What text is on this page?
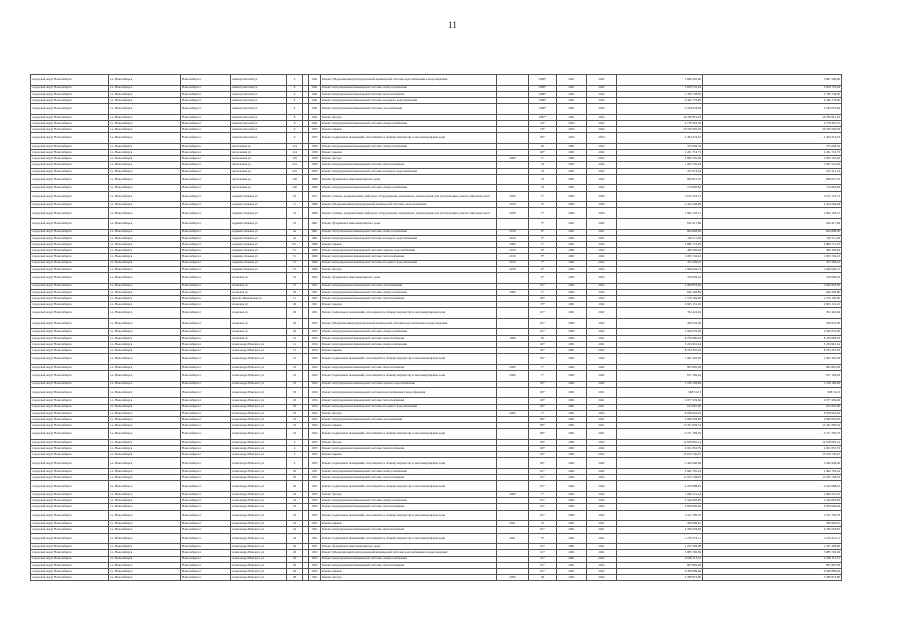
11
городской округ Новосибирск	г.о. Новосибирск	Новосибирск г	Авиастроителей ул	5		1941	Ремонт (Модернизация) внутридомовой инженерной системы водоснабжения и водоотведения		1986*	2001	2022	5 860 295,00	5 891 586,00
городской округ Новосибирск	г.о. Новосибирск	Новосибирск г	Авиастроителей ул	6		1941	Ремонт внутридомовой инженерной системы электроснабжения		1986*	2001	2022	5 659 752,64	5 659 752,64
городской округ Новосибирск	г.о. Новосибирск	Новосибирск г	Авиастроителей ул	6		1941	Ремонт внутридомовой инженерной системы теплоснабжения		1986*	2001	2022	2 760 738,00	2 760 738,00
городской округ Новосибирск	г.о. Новосибирск	Новосибирск г	Авиастроителей ул	6		1941	Ремонт внутридомовой инженерной системы холодного водоснабжения		1986*	2001	2022	6 440 776,00	6 440 776,00
городской округ Новосибирск	г.о. Новосибирск	Новосибирск г	Авиастроителей ул	6		1941	Ремонт внутридомовой инженерной системы газоснабжения		1986*	2001	2022	5 184 678,94	5 184 678,94
городской округ Новосибирск	г.о. Новосибирск	Новосибирск г	Авиастроителей ул	8		1941	Ремонт фасада		1987*	2001	2022	16 700 812,63	16 700 812,63
городской округ Новосибирск	г.о. Новосибирск	Новосибирск г	Авиастроителей ул	8		1941	Ремонт внутридомовой инженерной системы электроснабжения		18*	2022	2022	4 778 363,35	4 778 363,35
городской округ Новосибирск	г.о. Новосибирск	Новосибирск г	Авиастроителей ул	9		1957	Ремонт крыши		18*	2022	2022	10 559 583,50	10 559 583,50
городской округ Новосибирск	г.о. Новосибирск	Новосибирск г	Авиастроителей ул	9		1957	Ремонт подвальных помещений, относящихся к общему имуществу в многоквартирном доме		69*	2022	2023	2 464 474,23	2 464 474,23
городской округ Новосибирск	г.о. Новосибирск	Новосибирск г	Автогенная ул	114		1959	Ремонт внутридомовой инженерной системы электроснабжения		62	2001	2022	375 006,34	375 006,34
городской округ Новосибирск	г.о. Новосибирск	Новосибирск г	Автогенная ул	114		1959	Ремонт крыши		60*	2002	2022	2 261 716,75	2 261 716,75
городской округ Новосибирск	г.о. Новосибирск	Новосибирск г	Автогенная ул	118		1959	Ремонт фасада	2009	1*	2002	2022	2 000 105,00	2 000 105,00
городской округ Новосибирск	г.о. Новосибирск	Новосибирск г	Автогенная ул	143		1959	Ремонт внутридомовой инженерной системы теплоснабжения		76	2003	2022	1 067 235,94	1 067 235,94
городской округ Новосибирск	г.о. Новосибирск	Новосибирск г	Автогенная ул	145		1959	Ремонт внутридомовой инженерной системы холодного водоснабжения		70	2001	2022	472 213,24	472 213,24
городской округ Новосибирск	г.о. Новосибирск	Новосибирск г	Автогенная ул	148		1958	Ремонт фундамента многоквартирного дома		70	2001	2022	699 815,70	699 815,70
городской округ Новосибирск	г.о. Новосибирск	Новосибирск г	Автогенная ул	148		1958	Ремонт внутридомовой инженерной системы электроснабжения		70	2001	2022	714 685,84	714 685,84
городской округ Новосибирск	г.о. Новосибирск	Новосибирск г	Адриена Лежена ул	10		1971	Ремонт (замена, модернизация) лифтового оборудования, признанного непригодным для эксплуатации, ремонт лифтовых шахт	2020	1*	2003	2020	3 012 153,13	3 012 153,13
городской округ Новосибирск	г.о. Новосибирск	Новосибирск г	Адриена Лежена ул	11		1960	Ремонт (Модернизация) внутридомовой инженерной системы теплоснабжения	2018	4*	2003	2020	2 424 566,98	2 424 566,98
городской округ Новосибирск	г.о. Новосибирск	Новосибирск г	Адриена Лежена ул	12		1969	Ремонт (замена, модернизация) лифтового оборудования, признанного непригодным для эксплуатации, ремонт лифтовых шахт	2020	1*	2003	2020	1 992 193,12	1 992 193,12
городской округ Новосибирск	г.о. Новосибирск	Новосибирск г	Адриена Лежена ул	23		1961	Ремонт фундамента многоквартирного дома		5*	2001	2022	816 417,86	816 417,86
городской округ Новосибирск	г.о. Новосибирск	Новосибирск г	Адриена Лежена ул	4а		1961	Ремонт внутридомовой инженерной системы электроснабжения	2018	6*	2001	2021	664 898,00	664 898,00
городской округ Новосибирск	г.о. Новосибирск	Новосибирск г	Адриена Лежена ул	4а		1961	Ремонт внутридомовой инженерной системы холодного водоснабжения	2019	2*	2001	2021	193 511,00	193 511,00
городской округ Новосибирск	г.о. Новосибирск	Новосибирск г	Адриена Лежена ул	6/1		1960	Ремонт крыши	2009	1*	2001	2022	2 880 772,03	2 880 772,03
городской округ Новосибирск	г.о. Новосибирск	Новосибирск г	Адриена Лежена ул	7/1		1960	Ремонт внутридомовой инженерной системы горячего водоснабжения	2019	8*	2002	2022	496 366,94	496 366,94
городской округ Новосибирск	г.о. Новосибирск	Новосибирск г	Адриена Лежена ул	7/1		1960	Ремонт внутридомовой инженерной системы теплоснабжения	2019	8*	2002	2022	1 005 740,43	1 005 740,43
городской округ Новосибирск	г.о. Новосибирск	Новосибирск г	Адриена Лежена ул	7/1		1960	Ремонт внутридомовой инженерной системы холодного водоснабжения	2019	7*	2002	2022	475 296,42	475 296,42
городской округ Новосибирск	г.о. Новосибирск	Новосибирск г	Адриена Лежена ул	7/1		1960	Ремонт фасада	2018	6*	2002	2022	1 069 626,72	1 069 626,72
городской округ Новосибирск	г.о. Новосибирск	Новосибирск г	Азовская ул	21		1952	Ремонт фундамента многоквартирного дома		6*	2002	2022	319 006,24	319 006,24
городской округ Новосибирск	г.о. Новосибирск	Новосибирск г	Азовская ул	27		1951	Ремонт внутридомовой инженерной системы газоснабжения		91*	2002	2022	2 006 853,60	2 006 853,60
городской округ Новосибирск	г.о. Новосибирск	Новосибирск г	Азовская ул	29		1951	Ремонт внутридомовой инженерной системы электроснабжения	2009	1*	2002	2022	646 206,80	646 206,80
городской округ Новосибирск	г.о. Новосибирск	Новосибирск г	Дурова-Ивановская ул	11		1947	Ремонт внутридомовой инженерной системы теплоснабжения		90*	2002	2022	1 570 160,00	1 570 160,00
городской округ Новосибирск	г.о. Новосибирск	Новосибирск г	Азовская ул	29		1951	Ремонт крыши		70*	2001	2022	2 825 151,25	2 825 151,25
городской округ Новосибирск	г.о. Новосибирск	Новосибирск г	Азовская ул	29		1951	Ремонт подвальных помещений, относящихся к общему имуществу в многоквартирном доме		91*	2001	2022	352 416,94	352 416,94
городской округ Новосибирск	г.о. Новосибирск	Новосибирск г	Азовская ул	29		1952	Ремонт (Модернизация) внутридомовой инженерной системы водоснабжения и водоотведения		91*	2002	2022	456 022,00	456 022,00
городской округ Новосибирск	г.о. Новосибирск	Новосибирск г	Азовская ул	29		1952	Ремонт внутридомовой инженерной системы электроснабжения		91*	2002	2022	2 926 679,00	2 926 679,00
городской округ Новосибирск	г.о. Новосибирск	Новосибирск г	Азовская ул	31		1954	Ремонт внутридомовой инженерной системы теплоснабжения	1990	65	2002	2021	8 270 680,63	8 270 680,63
городской округ Новосибирск	г.о. Новосибирск	Новосибирск г	Александра Невского ул	11		1954	Ремонт внутридомовой инженерной системы электроснабжения		92*	2001	2021	5 234 961,44	5 234 961,44
городской округ Новосибирск	г.о. Новосибирск	Новосибирск г	Александра Невского ул	11		1954	Ремонт крыши		92*	2001	2022	8 764 367,03	8 764 367,03
городской округ Новосибирск	г.о. Новосибирск	Новосибирск г	Александра Невского ул	12		1954	Ремонт подвальных помещений, относящихся к общему имуществу в многоквартирном доме		92*	2002	2022	1 902 303,39	1 902 303,39
городской округ Новосибирск	г.о. Новосибирск	Новосибирск г	Александра Невского ул	16		1954	Ремонт внутридомовой инженерной системы теплоснабжения	2009	1*	2002	2022	905 805,09	905 805,09
городской округ Новосибирск	г.о. Новосибирск	Новосибирск г	Александра Невского ул	16		1954	Ремонт подвальных помещений, относящихся к общему имуществу в многоквартирном доме	2009	1*	2002	2022	871 109,02	871 109,02
городской округ Новосибирск	г.о. Новосибирск	Новосибирск г	Александра Невского ул	16		1954	Ремонт внутридомовой инженерной системы горячего водоснабжения		69*	2002	2022	1 109 106,89	1 109 106,89
городской округ Новосибирск	г.о. Новосибирск	Новосибирск г	Александра Невского ул	18		1954	Ремонт внутридомовой инженерной системы водоснабжения и водоотведения		69*	2001	2021	968 512,3	968 512,3
городской округ Новосибирск	г.о. Новосибирск	Новосибирск г	Александра Невского ул	18		1954	Ремонт внутридомовой инженерной системы теплоснабжения		69*	2001	2021	2 977 459,66	2 977 459,66
городской округ Новосибирск	г.о. Новосибирск	Новосибирск г	Александра Невского ул	18		1954	Ремонт внутридомовой инженерной системы холодного водоснабжения		69*	2001	2021	613 667,00	613 667,00
городской округ Новосибирск	г.о. Новосибирск	Новосибирск г	Александра Невского ул	18		1954	Ремонт фасада	2009	1*	2001	2022	8 958 663,62	8 958 663,62
городской округ Новосибирск	г.о. Новосибирск	Новосибирск г	Александра Невского ул	19		1954	Ремонт внутридомовой инженерной системы газоснабжения		89*	2001	2021	2 096 692,92	2 096 692,92
городской округ Новосибирск	г.о. Новосибирск	Новосибирск г	Александра Невского ул	19		1954	Ремонт крыши		89*	2001	2021	13 261 836,54	13 261 836,54
городской округ Новосибирск	г.о. Новосибирск	Новосибирск г	Александра Невского ул	19		1954	Ремонт подвальных помещений, относящихся к общему имуществу в многоквартирном доме		89*	2001	2021	3 271 782,79	3 271 782,79
городской округ Новосибирск	г.о. Новосибирск	Новосибирск г	Александра Невского ул	2		1955	Ремонт фасада		69*	2002	2022	12 618 081,14	12 618 081,14
городской округ Новосибирск	г.о. Новосибирск	Новосибирск г	Александра Невского ул	2		1955	Ремонт внутридомовой инженерной системы теплоснабжения		69*	2002	2022	4 951 853,79	4 951 853,79
городской округ Новосибирск	г.о. Новосибирск	Новосибирск г	Александра Невского ул	2		1955	Ремонт крыши		69*	2002	2022	13 019 746,07	13 019 746,07
городской округ Новосибирск	г.о. Новосибирск	Новосибирск г	Александра Невского ул	2		1955	Ремонт подвальных помещений, относящихся к общему имуществу в многоквартирном доме		69*	2002	2022	3 420 940,48	3 420 940,48
городской округ Новосибирск	г.о. Новосибирск	Новосибирск г	Александра Невского ул	20		1951	Ремонт внутридомовой инженерной системы электроснабжения		91*	2002	2022	2 962 785,24	2 962 785,24
городской округ Новосибирск	г.о. Новосибирск	Новосибирск г	Александра Невского ул	20		1951	Ремонт внутридомовой инженерной системы теплоснабжения		91*	2002	2022	11 035 748,03	11 035 748,03
городской округ Новосибирск	г.о. Новосибирск	Новосибирск г	Александра Невского ул	20		1951	Ремонт подвальных помещений, относящихся к общему имуществу в многоквартирном доме		91*	2002	2022	2 243 988,62	2 243 988,62
городской округ Новосибирск	г.о. Новосибирск	Новосибирск г	Александра Невского ул	22		1953	Ремонт фасада	2009	1*	2002	2022	1 006 251,42	1 006 251,42
городской округ Новосибирск	г.о. Новосибирск	Новосибирск г	Александра Невского ул	22		1953	Ремонт внутридомовой инженерной системы электроснабжения		91*	2002	2022	2 549 083,99	2 549 083,99
городской округ Новосибирск	г.о. Новосибирск	Новосибирск г	Александра Невского ул	22		1953	Ремонт внутридомовой инженерной системы теплоснабжения		91*	2002	2022	4 850 609,64	4 850 609,64
городской округ Новосибирск	г.о. Новосибирск	Новосибирск г	Александра Невского ул	22		1953	Ремонт подвальных помещений, относящихся к общему имуществу в многоквартирном доме		91*	2002	2022	3 311 785,79	3 311 785,79
городской округ Новосибирск	г.о. Новосибирск	Новосибирск г	Александра Невского ул	24		1951	Ремонт крыши	2021	4*	2001	2021	309 900,61	309 900,61
городской округ Новосибирск	г.о. Новосибирск	Новосибирск г	Александра Невского ул	24		1951	Ремонт внутридомовой инженерной системы теплоснабжения		91*	2001	2021	4 766 059,82	4 766 059,82
городской округ Новосибирск	г.о. Новосибирск	Новосибирск г	Александра Невского ул	24		1951	Ремонт подвальных помещений, относящихся к общему имуществу в многоквартирном доме	2021	4*	2001	2021	1 235 472,11	1 235 472,11
городской округ Новосибирск	г.о. Новосибирск	Новосибирск г	Александра Невского ул	24		1951	Ремонт фундамента многоквартирного дома		91*	2001	2021	1 237 498,98	1 237 498,98
городской округ Новосибирск	г.о. Новосибирск	Новосибирск г	Александра Невского ул	26		1952	Ремонт (Модернизация) внутридомовой инженерной системы водоснабжения и водоотведения		91*	2001	2021	3 885 700,69	3 885 700,69
городской округ Новосибирск	г.о. Новосибирск	Новосибирск г	Александра Невского ул	26		1952	Ремонт внутридомовой инженерной системы электроснабжения		91*	2001	2022	4 569 113,31	4 569 113,31
городской округ Новосибирск	г.о. Новосибирск	Новосибирск г	Александра Невского ул	26		1952	Ремонт внутридомовой инженерной системы теплоснабжения		91*	2001	2022	897 895,08	897 895,08
городской округ Новосибирск	г.о. Новосибирск	Новосибирск г	Александра Невского ул	26		1952	Ремонт крыши		91*	2001	2022	9 438 889,46	9 438 889,46
городской округ Новосибирск	г.о. Новосибирск	Новосибирск г	Александра Невского ул	28		1951	Ремонт фасада	2009	36	2002	2022	5 289 874,89	5 289 874,89
